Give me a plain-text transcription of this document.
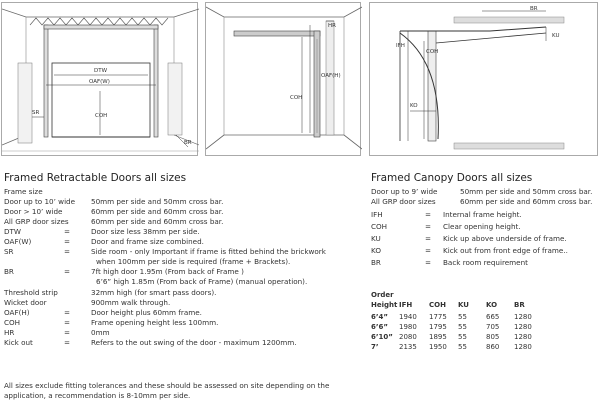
DTW
OAF(W)
COH
SR
BR
HR
OAF(H)
COH
BR
KU
COH
IFH
KO
Framed Retractable Doors all sizes
Frame size
Door up to 10’ wide 50mm per side and 50mm cross bar.
Door > 10’ wide	60mm per side and 60mm cross bar.
All GRP door sizes	60mm per side and 60mm cross bar.
DTW	=	Door size less 38mm per side.
OAF(W)	=	Door and frame size combined.
SR	=	Side room - only Important if frame is fitted behind the brickwork
when 100mm per side is required (frame + Brackets).
BR	=	7ft high door 1.95m (From back of Frame )
6’6” high 1.85m (From back of Frame) (manual operation).
Threshold strip	32mm high (for smart pass doors).
Wicket door	900mm walk through.
OAF(H)	=	Door height plus 60mm frame.
COH	=	Frame opening height less 100mm.
HR	=	0mm
Kick out	=	Refers to the out swing of the door - maximum 1200mm.
All sizes exclude fitting tolerances and these should be assessed on site depending on the application, a recommendation is 8-10mm per side.
Framed Canopy Doors all sizes
Door up to 9’ wide	50mm per side and 50mm cross bar.
All GRP door sizes	60mm per side and 60mm cross bar.
IFH	= Internal frame height.
COH	= Clear opening height.
KU	= Kick up above underside of frame.
KO	= Kick out from front edge of frame..
BR	= Back room requirement
Order
Height IFH COH KU KO BR
6’4” 1940 1775 55	665 1280
6’6” 1980 1795 55	705 1280
6’10” 2080 1895 55	805 1280
7’	2135 1950 55	860 1280
